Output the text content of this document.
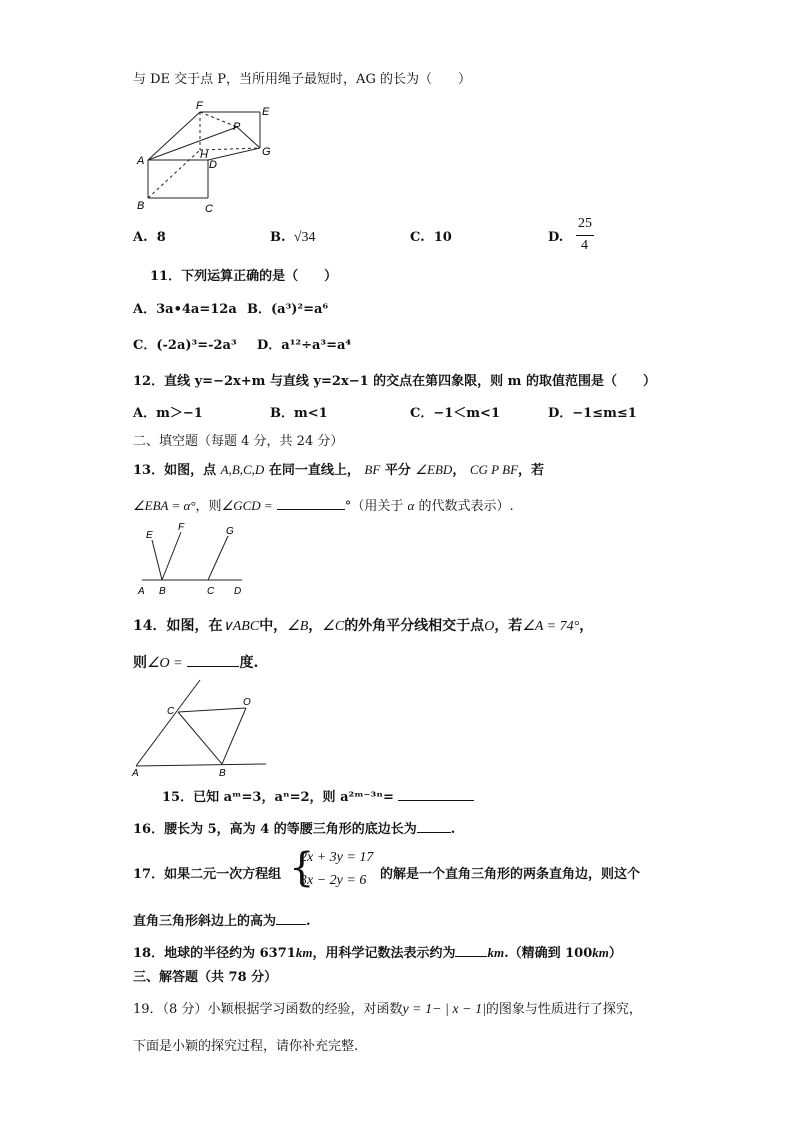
与 DE 交于点 P，当所用绳子最短时，AG 的长为（　　）
F	E
P
A	H
D
G
B	C
A. 8	B. √34	C. 10	D.
25
4
11．下列运算正确的是（　　）
A．3a•4a=12a B．(a³)²=a⁶
C．(-2a)³=-2a³ D．a¹²÷a³=a⁴
12．直线 y=−2x+m 与直线 y=2x−1 的交点在第四象限，则 m 的取值范围是（　　）
A．m＞−1	B．m<1	C．−1＜m<1	D．−1≤m≤1
二、填空题（每题 4 分，共 24 分）
13．如图，点 A,B,C,D 在同一直线上， BF 平分 ∠EBD， CG P BF，若
∠EBA = α°，则∠GCD =	°（用关于 α 的代数式表示）.
E
F	G
A B	C D
14．如图，在∨ABC中，∠B，∠C的外角平分线相交于点O，若∠A = 74°，
则∠O =	度.
C
O
A	B
15．已知 aᵐ=3，aⁿ=2，则 a²ᵐ⁻³ⁿ=
16．腰长为 5，高为 4 的等腰三角形的底边长为	.
17．如果二元一次方程组 {
2x + 3y = 17
3x − 2y = 6 的解是一个直角三角形的两条直角边，则这个
直角三角形斜边上的高为 .
18．地球的半径约为 6371km，用科学记数法表示约为 km.（精确到 100km）
三、解答题（共 78 分）
19．（8 分）小颖根据学习函数的经验，对函数y = 1− | x − 1|的图象与性质进行了探究，
下面是小颖的探究过程，请你补充完整.
